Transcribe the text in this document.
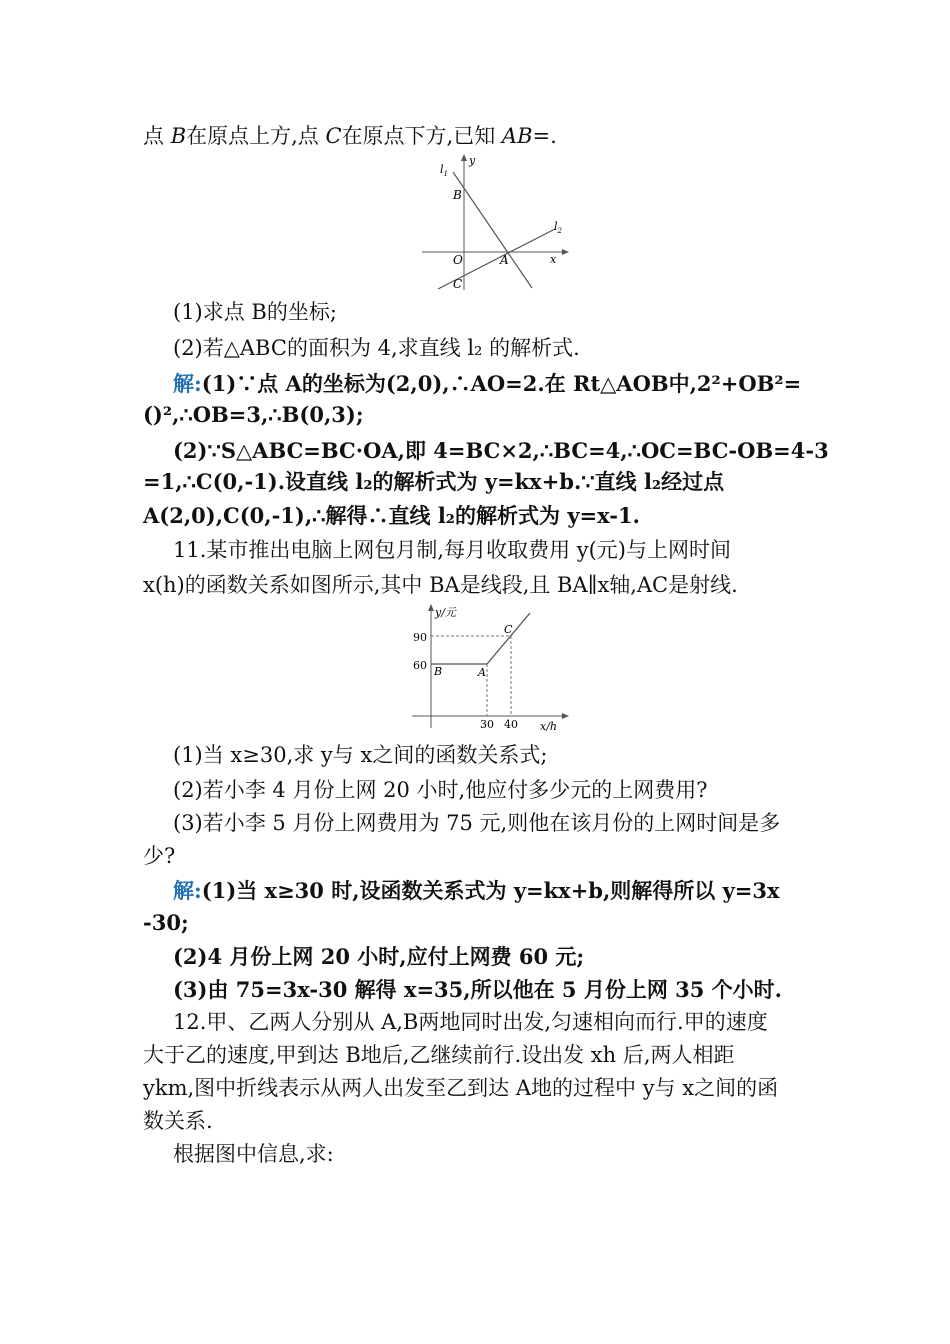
点 B在原点上方,点 C在原点下方,已知 AB=.
$l_1$
y
B
$l_2$
O	A	x
C
(1)求点 B的坐标;
(2)若△ABC的面积为 4,求直线 l₂ 的解析式.
解:(1)∵点 A的坐标为(2,0),∴AO=2.在 Rt△AOB中,2²+OB²=
()²,∴OB=3,∴B(0,3);
(2)∵S△ABC=BC·OA,即 4=BC×2,∴BC=4,∴OC=BC-OB=4-3
=1,∴C(0,-1).设直线 l₂的解析式为 y=kx+b.∵直线 l₂经过点
A(2,0),C(0,-1),∴解得∴直线 l₂的解析式为 y=x-1.
11.某市推出电脑上网包月制,每月收取费用 y(元)与上网时间
x(h)的函数关系如图所示,其中 BA是线段,且 BA∥x轴,AC是射线.
y/元
90
60 B	A
C
30 40 x/h
(1)当 x≥30,求 y与 x之间的函数关系式;
(2)若小李 4 月份上网 20 小时,他应付多少元的上网费用?
(3)若小李 5 月份上网费用为 75 元,则他在该月份的上网时间是多
少?
解:(1)当 x≥30 时,设函数关系式为 y=kx+b,则解得所以 y=3x
-30;
(2)4 月份上网 20 小时,应付上网费 60 元;
(3)由 75=3x-30 解得 x=35,所以他在 5 月份上网 35 个小时.
12.甲、乙两人分别从 A,B两地同时出发,匀速相向而行.甲的速度
大于乙的速度,甲到达 B地后,乙继续前行.设出发 xh 后,两人相距
ykm,图中折线表示从两人出发至乙到达 A地的过程中 y与 x之间的函
数关系.
根据图中信息,求:
